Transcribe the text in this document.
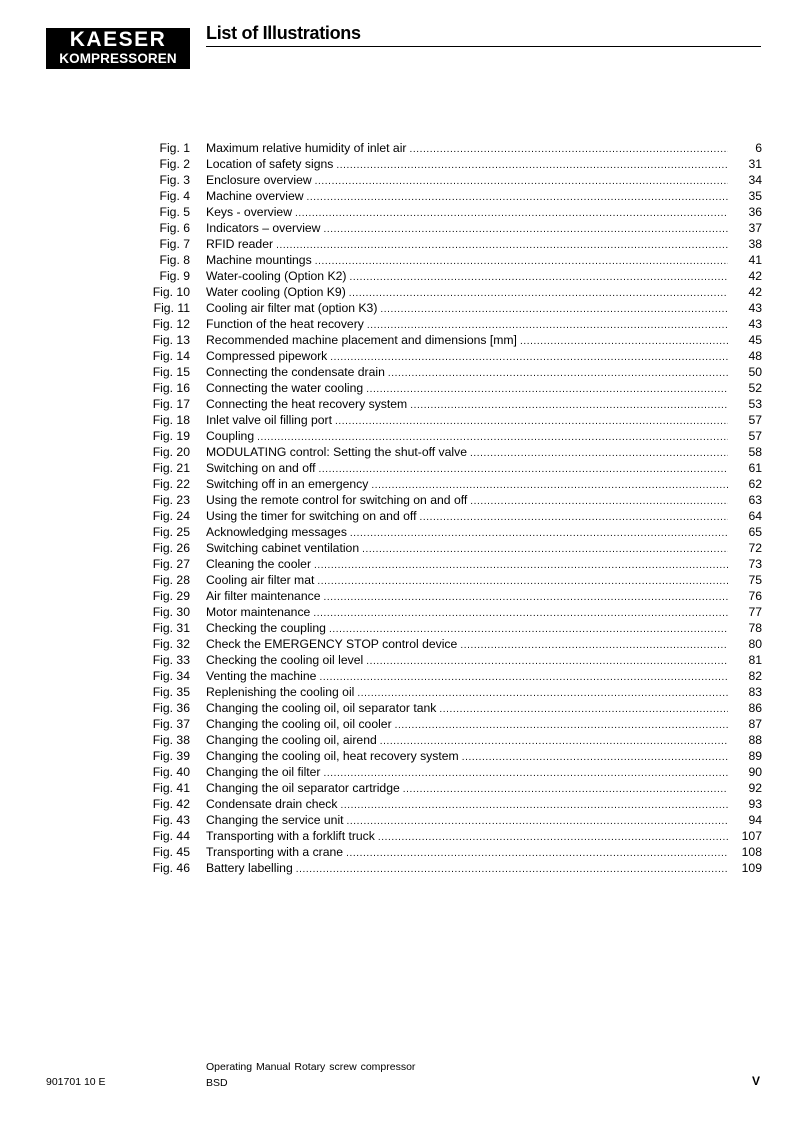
KAESER
KOMPRESSOREN
List of Illustrations
Fig. 1 Maximum relative humidity of inlet air .....	6
Fig. 2 Location of safety signs .....	31
Fig. 3 Enclosure overview .....	34
Fig. 4 Machine overview .....	35
Fig. 5 Keys - overview .....	36
Fig. 6 Indicators – overview .....	37
Fig. 7 RFID reader .....	38
Fig. 8 Machine mountings .....	41
Fig. 9 Water-cooling (Option K2) .....	42
Fig. 10 Water cooling (Option K9) .....	42
Fig. 11 Cooling air filter mat (option K3) .....	43
Fig. 12 Function of the heat recovery .....	43
Fig. 13 Recommended machine placement and dimensions [mm] .....	45
Fig. 14 Compressed pipework .....	48
Fig. 15 Connecting the condensate drain .....	50
Fig. 16 Connecting the water cooling .....	52
Fig. 17 Connecting the heat recovery system .....	53
Fig. 18 Inlet valve oil filling port .....	57
Fig. 19 Coupling .....	57
Fig. 20 MODULATING control: Setting the shut-off valve .....	58
Fig. 21 Switching on and off .....	61
Fig. 22 Switching off in an emergency .....	62
Fig. 23 Using the remote control for switching on and off .....	63
Fig. 24 Using the timer for switching on and off .....	64
Fig. 25 Acknowledging messages .....	65
Fig. 26 Switching cabinet ventilation .....	72
Fig. 27 Cleaning the cooler .....	73
Fig. 28 Cooling air filter mat .....	75
Fig. 29 Air filter maintenance .....	76
Fig. 30 Motor maintenance .....	77
Fig. 31 Checking the coupling .....	78
Fig. 32 Check the EMERGENCY STOP control device .....	80
Fig. 33 Checking the cooling oil level .....	81
Fig. 34 Venting the machine .....	82
Fig. 35 Replenishing the cooling oil .....	83
Fig. 36 Changing the cooling oil, oil separator tank .....	86
Fig. 37 Changing the cooling oil, oil cooler .....	87
Fig. 38 Changing the cooling oil, airend .....	88
Fig. 39 Changing the cooling oil, heat recovery system .....	89
Fig. 40 Changing the oil filter .....	90
Fig. 41 Changing the oil separator cartridge .....	92
Fig. 42 Condensate drain check .....	93
Fig. 43 Changing the service unit .....	94
Fig. 44 Transporting with a forklift truck .....	107
Fig. 45 Transporting with a crane .....	108
Fig. 46 Battery labelling .....	109
901701 10 E
Operating Manual Rotary screw compressor
BSD	V
